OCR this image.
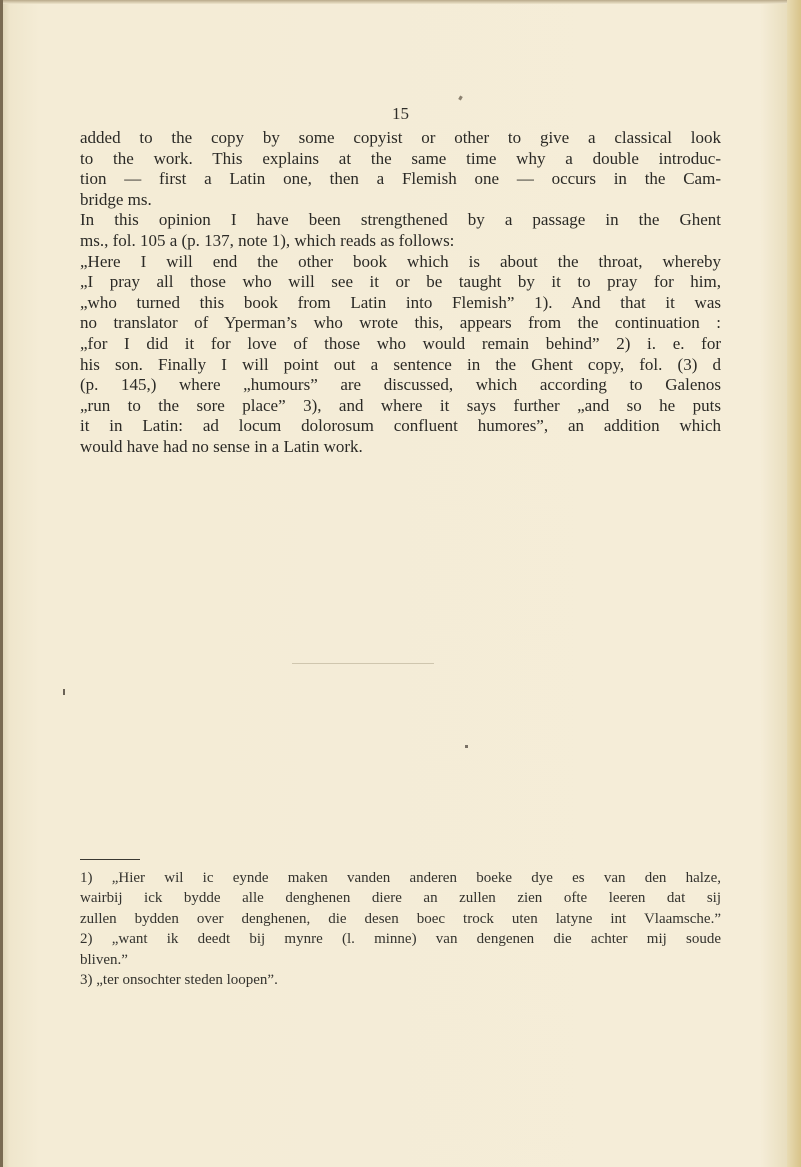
15
added to the copy by some copyist or other to give a classical look
to the work. This explains at the same time why a double introduc-
tion — first a Latin one, then a Flemish one — occurs in the Cam-
bridge ms.
In this opinion I have been strengthened by a passage in the Ghent
ms., fol. 105 a (p. 137, note 1), which reads as follows:
„Here I will end the other book which is about the throat, whereby
„I pray all those who will see it or be taught by it to pray for him,
„who turned this book from Latin into Flemish” 1). And that it was
no translator of Yperman’s who wrote this, appears from the continuation :
„for I did it for love of those who would remain behind” 2) i. e. for
his son. Finally I will point out a sentence in the Ghent copy, fol. (3) d
(p. 145,) where „humours” are discussed, which according to Galenos
„run to the sore place” 3), and where it says further „and so he puts
it in Latin: ad locum dolorosum confluent humores”, an addition which
would have had no sense in a Latin work.
1) „Hier wil ic eynde maken vanden anderen boeke dye es van den halze,
wairbij ick bydde alle denghenen diere an zullen zien ofte leeren dat sij
zullen bydden over denghenen, die desen boec trock uten latyne int Vlaamsche.”
2) „want ik deedt bij mynre (l. minne) van dengenen die achter mij soude
bliven.”
3) „ter onsochter steden loopen”.
